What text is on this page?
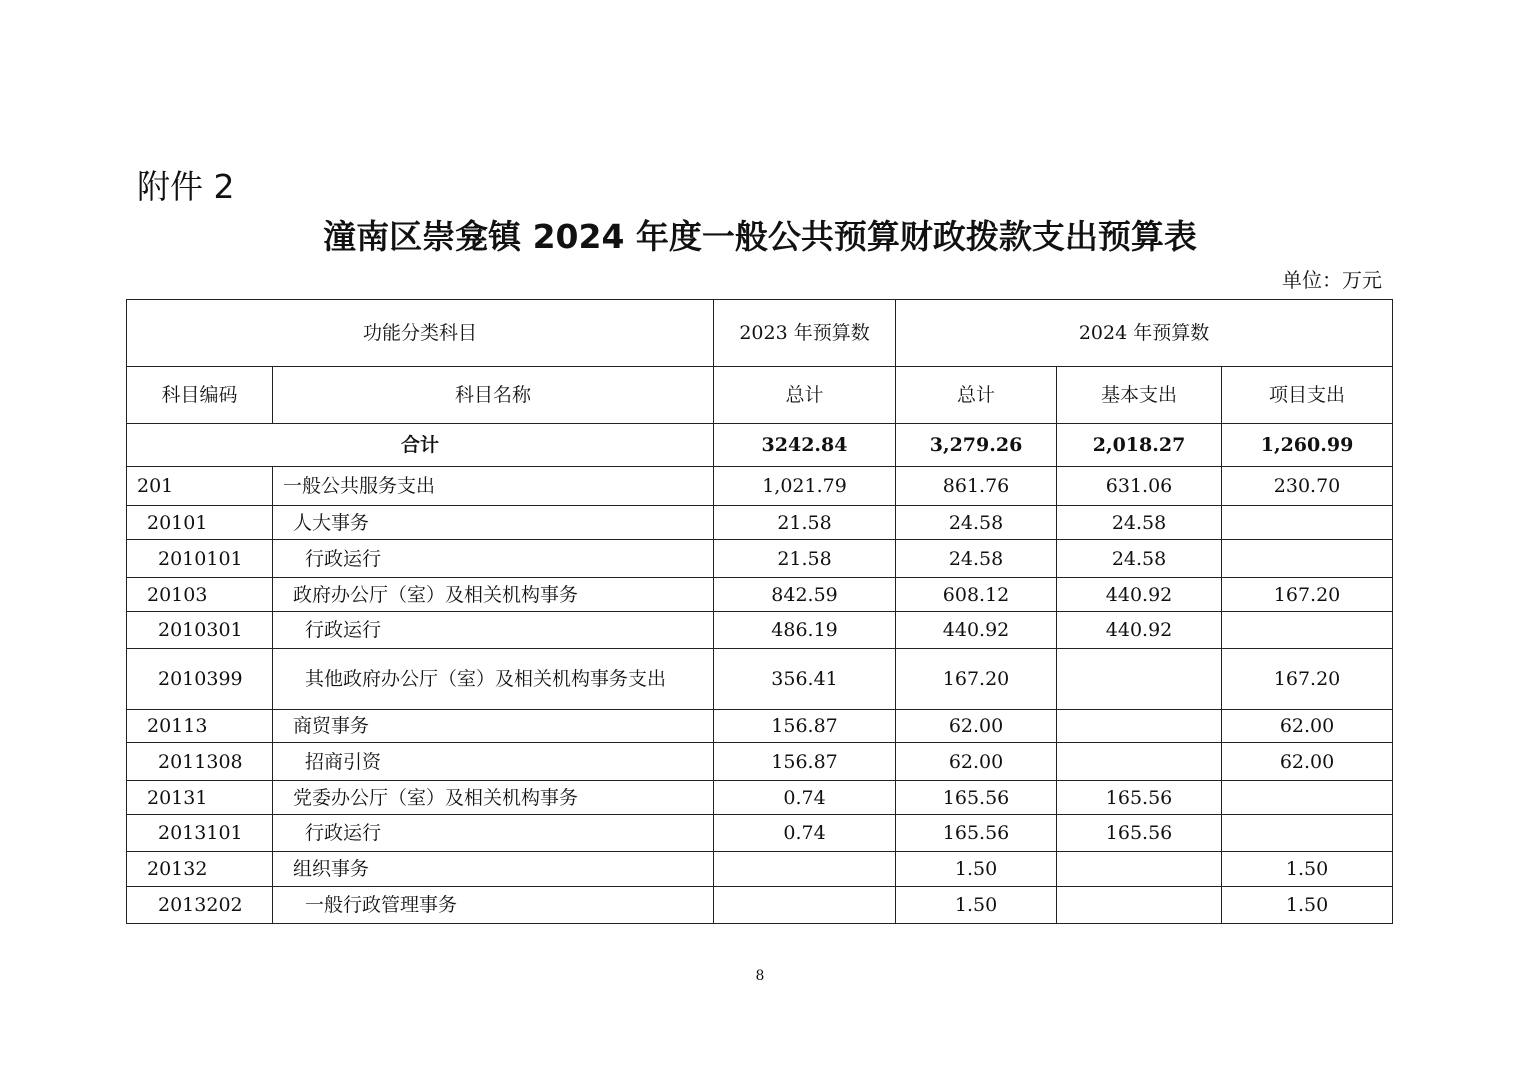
附件 2
潼南区崇龛镇 2024 年度一般公共预算财政拨款支出预算表
单位：万元
功能分类科目		2023 年预算数	2024 年预算数		
科目编码	科目名称	总计	总计	基本支出	项目支出
合计		3242.84	3,279.26	2,018.27	1,260.99
201	一般公共服务支出	1,021.79	861.76	631.06	230.70
20101	人大事务	21.58	24.58	24.58	
2010101	行政运行	21.58	24.58	24.58	
20103	政府办公厅（室）及相关机构事务	842.59	608.12	440.92	167.20
2010301	行政运行	486.19	440.92	440.92	
2010399	其他政府办公厅（室）及相关机构事务支出	356.41	167.20		167.20
20113	商贸事务	156.87	62.00		62.00
2011308	招商引资	156.87	62.00		62.00
20131	党委办公厅（室）及相关机构事务	0.74	165.56	165.56	
2013101	行政运行	0.74	165.56	165.56	
20132	组织事务		1.50		1.50
2013202	一般行政管理事务		1.50		1.50
8
